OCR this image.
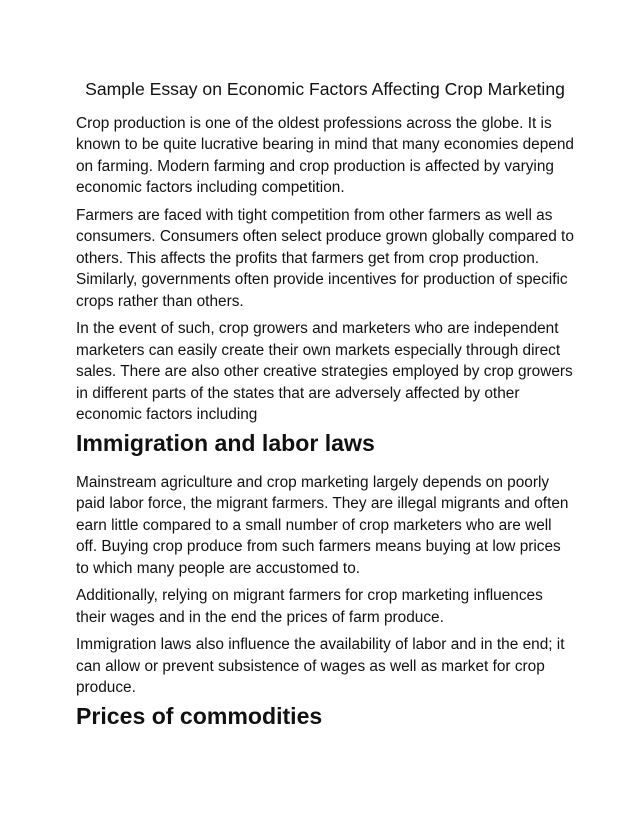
Sample Essay on Economic Factors Affecting Crop Marketing

Crop production is one of the oldest professions across the globe. It is known to be quite lucrative bearing in mind that many economies depend on farming. Modern farming and crop production is affected by varying economic factors including competition.

Farmers are faced with tight competition from other farmers as well as consumers. Consumers often select produce grown globally compared to others. This affects the profits that farmers get from crop production. Similarly, governments often provide incentives for production of specific crops rather than others.

In the event of such, crop growers and marketers who are independent marketers can easily create their own markets especially through direct sales. There are also other creative strategies employed by crop growers in different parts of the states that are adversely affected by other economic factors including

Immigration and labor laws

Mainstream agriculture and crop marketing largely depends on poorly paid labor force, the migrant farmers. They are illegal migrants and often earn little compared to a small number of crop marketers who are well off. Buying crop produce from such farmers means buying at low prices to which many people are accustomed to.

Additionally, relying on migrant farmers for crop marketing influences their wages and in the end the prices of farm produce.

Immigration laws also influence the availability of labor and in the end; it can allow or prevent subsistence of wages as well as market for crop produce.

Prices of commodities
